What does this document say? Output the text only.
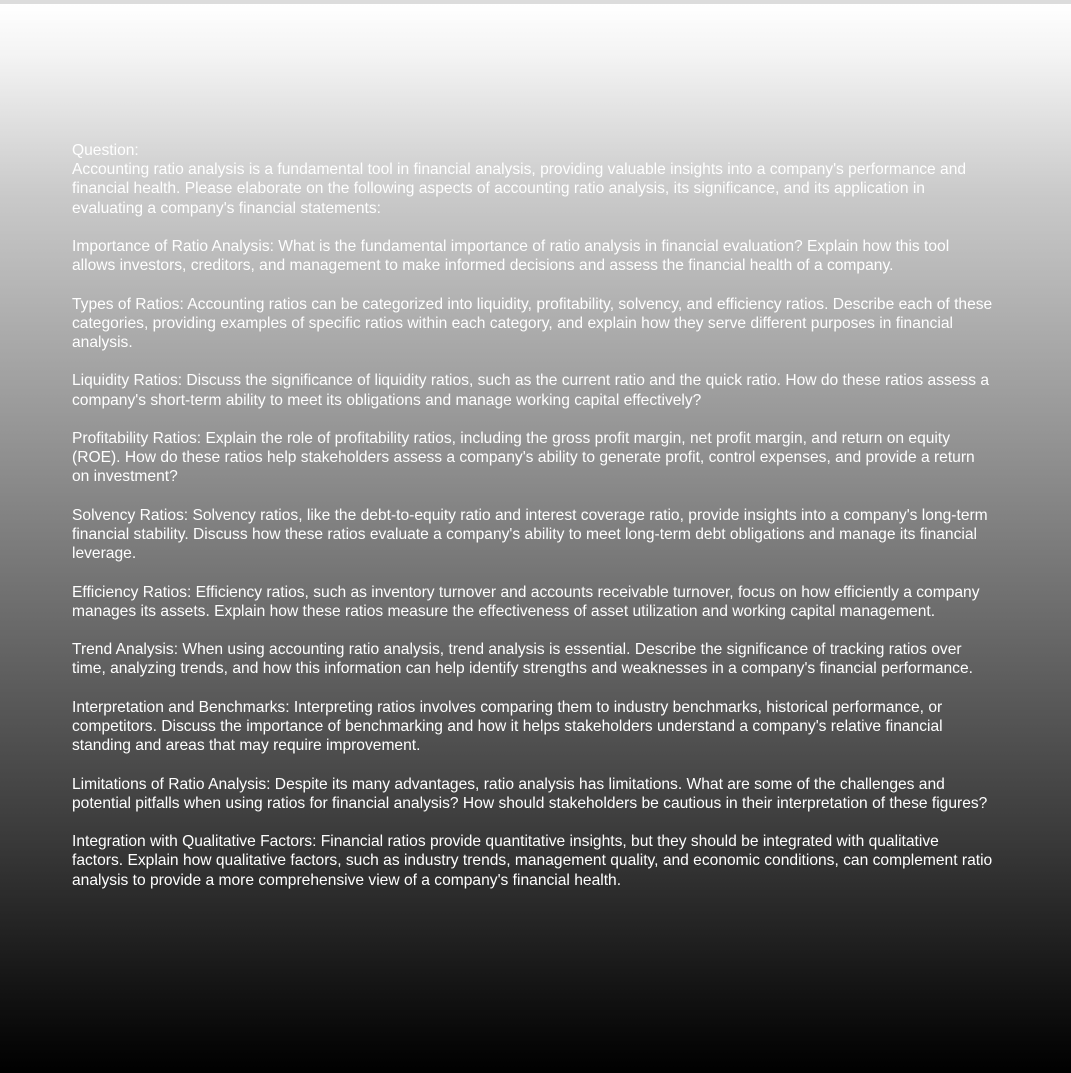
Question:

Accounting ratio analysis is a fundamental tool in financial analysis, providing valuable insights into a company's performance and financial health. Please elaborate on the following aspects of accounting ratio analysis, its significance, and its application in evaluating a company's financial statements:

Importance of Ratio Analysis: What is the fundamental importance of ratio analysis in financial evaluation? Explain how this tool allows investors, creditors, and management to make informed decisions and assess the financial health of a company.

Types of Ratios: Accounting ratios can be categorized into liquidity, profitability, solvency, and efficiency ratios. Describe each of these categories, providing examples of specific ratios within each category, and explain how they serve different purposes in financial analysis.

Liquidity Ratios: Discuss the significance of liquidity ratios, such as the current ratio and the quick ratio. How do these ratios assess a company's short-term ability to meet its obligations and manage working capital effectively?

Profitability Ratios: Explain the role of profitability ratios, including the gross profit margin, net profit margin, and return on equity (ROE). How do these ratios help stakeholders assess a company's ability to generate profit, control expenses, and provide a return on investment?

Solvency Ratios: Solvency ratios, like the debt-to-equity ratio and interest coverage ratio, provide insights into a company's long-term financial stability. Discuss how these ratios evaluate a company's ability to meet long-term debt obligations and manage its financial leverage.

Efficiency Ratios: Efficiency ratios, such as inventory turnover and accounts receivable turnover, focus on how efficiently a company manages its assets. Explain how these ratios measure the effectiveness of asset utilization and working capital management.

Trend Analysis: When using accounting ratio analysis, trend analysis is essential. Describe the significance of tracking ratios over time, analyzing trends, and how this information can help identify strengths and weaknesses in a company's financial performance.

Interpretation and Benchmarks: Interpreting ratios involves comparing them to industry benchmarks, historical performance, or competitors. Discuss the importance of benchmarking and how it helps stakeholders understand a company's relative financial standing and areas that may require improvement.

Limitations of Ratio Analysis: Despite its many advantages, ratio analysis has limitations. What are some of the challenges and potential pitfalls when using ratios for financial analysis? How should stakeholders be cautious in their interpretation of these figures?

Integration with Qualitative Factors: Financial ratios provide quantitative insights, but they should be integrated with qualitative factors. Explain how qualitative factors, such as industry trends, management quality, and economic conditions, can complement ratio analysis to provide a more comprehensive view of a company's financial health.
